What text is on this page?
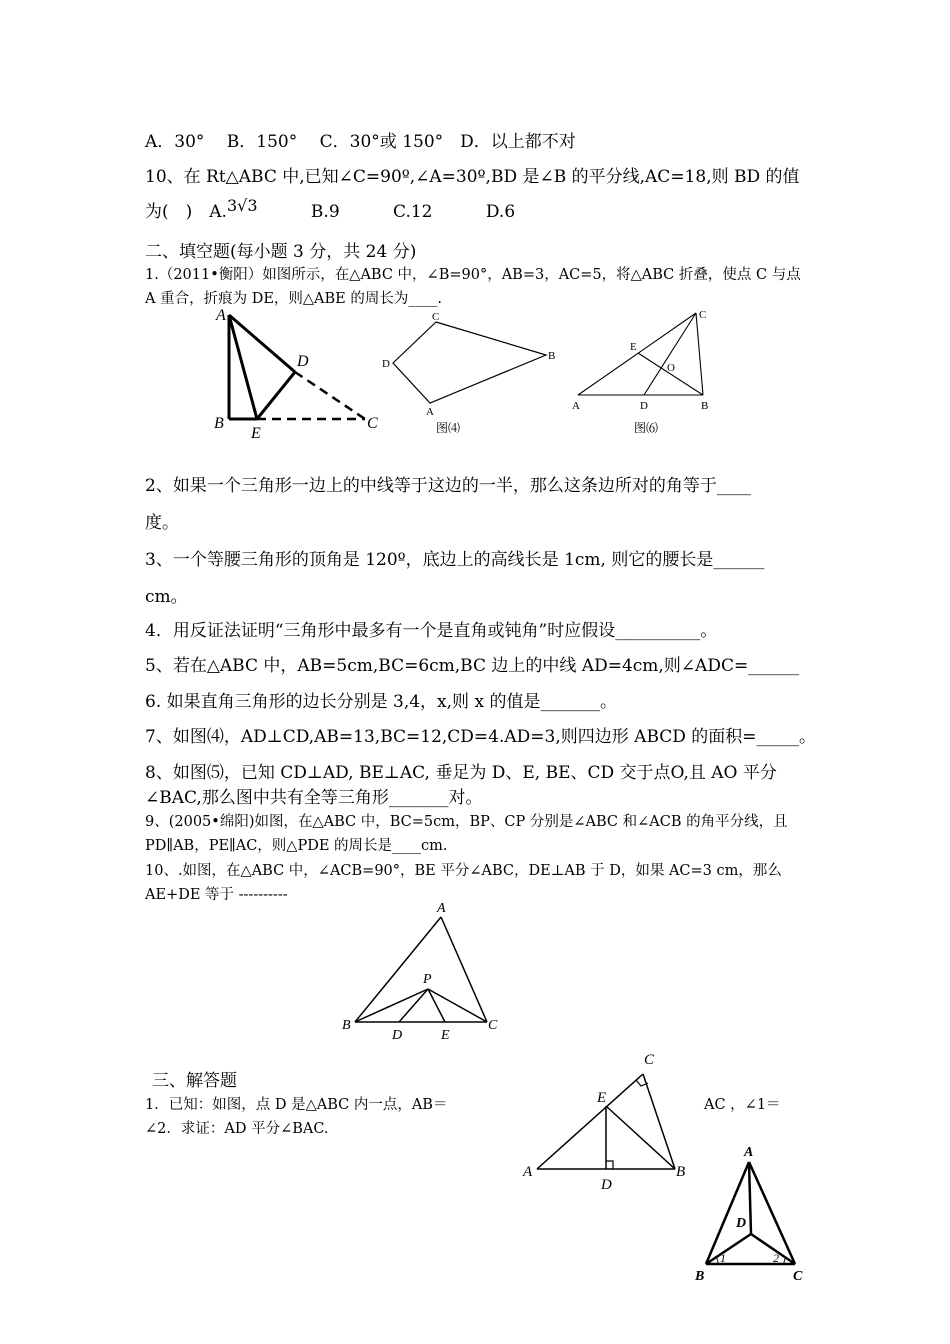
A．30°　 B．150°　 C．30°或 150°　D．以上都不对
10、在 Rt△ABC 中,已知∠C=90º,∠A=30º,BD 是∠B 的平分线,AC=18,则 BD 的值
为(　)　A.3√3	B.9	C.12	D.6
二、填空题(每小题 3 分，共 24 分)
1.（2011•衡阳）如图所示，在△ABC 中，∠B=90°，AB=3，AC=5，将△ABC 折叠，使点 C 与点
A 重合，折痕为 DE，则△ABE 的周长为____.
A
B	C
D
E
C
B
D
A
图⑷
A	B
C
D
E
O
图⑹
2、如果一个三角形一边上的中线等于这边的一半，那么这条边所对的角等于____
度。
3、一个等腰三角形的顶角是 120º，底边上的高线长是 1cm, 则它的腰长是______
cm。
4．用反证法证明“三角形中最多有一个是直角或钝角”时应假设__________。
5、若在△ABC 中，AB=5cm,BC=6cm,BC 边上的中线 AD=4cm,则∠ADC=______
6. 如果直角三角形的边长分别是 3,4，x,则 x 的值是_______。
7、如图⑷，AD⊥CD,AB=13,BC=12,CD=4.AD=3,则四边形 ABCD 的面积=_____。
8、如图⑸，已知 CD⊥AD, BE⊥AC, 垂足为 D、E, BE、CD 交于点O,且 AO 平分
∠BAC,那么图中共有全等三角形_______对。
9、(2005•绵阳)如图，在△ABC 中，BC=5cm，BP、CP 分别是∠ABC 和∠ACB 的角平分线，且
PD∥AB，PE∥AC，则△PDE 的周长是____cm.
10、.如图，在△ABC 中，∠ACB=90°，BE 平分∠ABC，DE⊥AB 于 D，如果 AC=3 cm，那么
AE+DE 等于 ----------
A
B	C
P
D	E
三、解答题
1．已知：如图，点 D 是△ABC 内一点，AB＝	AC ，∠1＝
∠2．求证：AD 平分∠BAC.
C
E
A	B
D
A
B	C
D
1	2
